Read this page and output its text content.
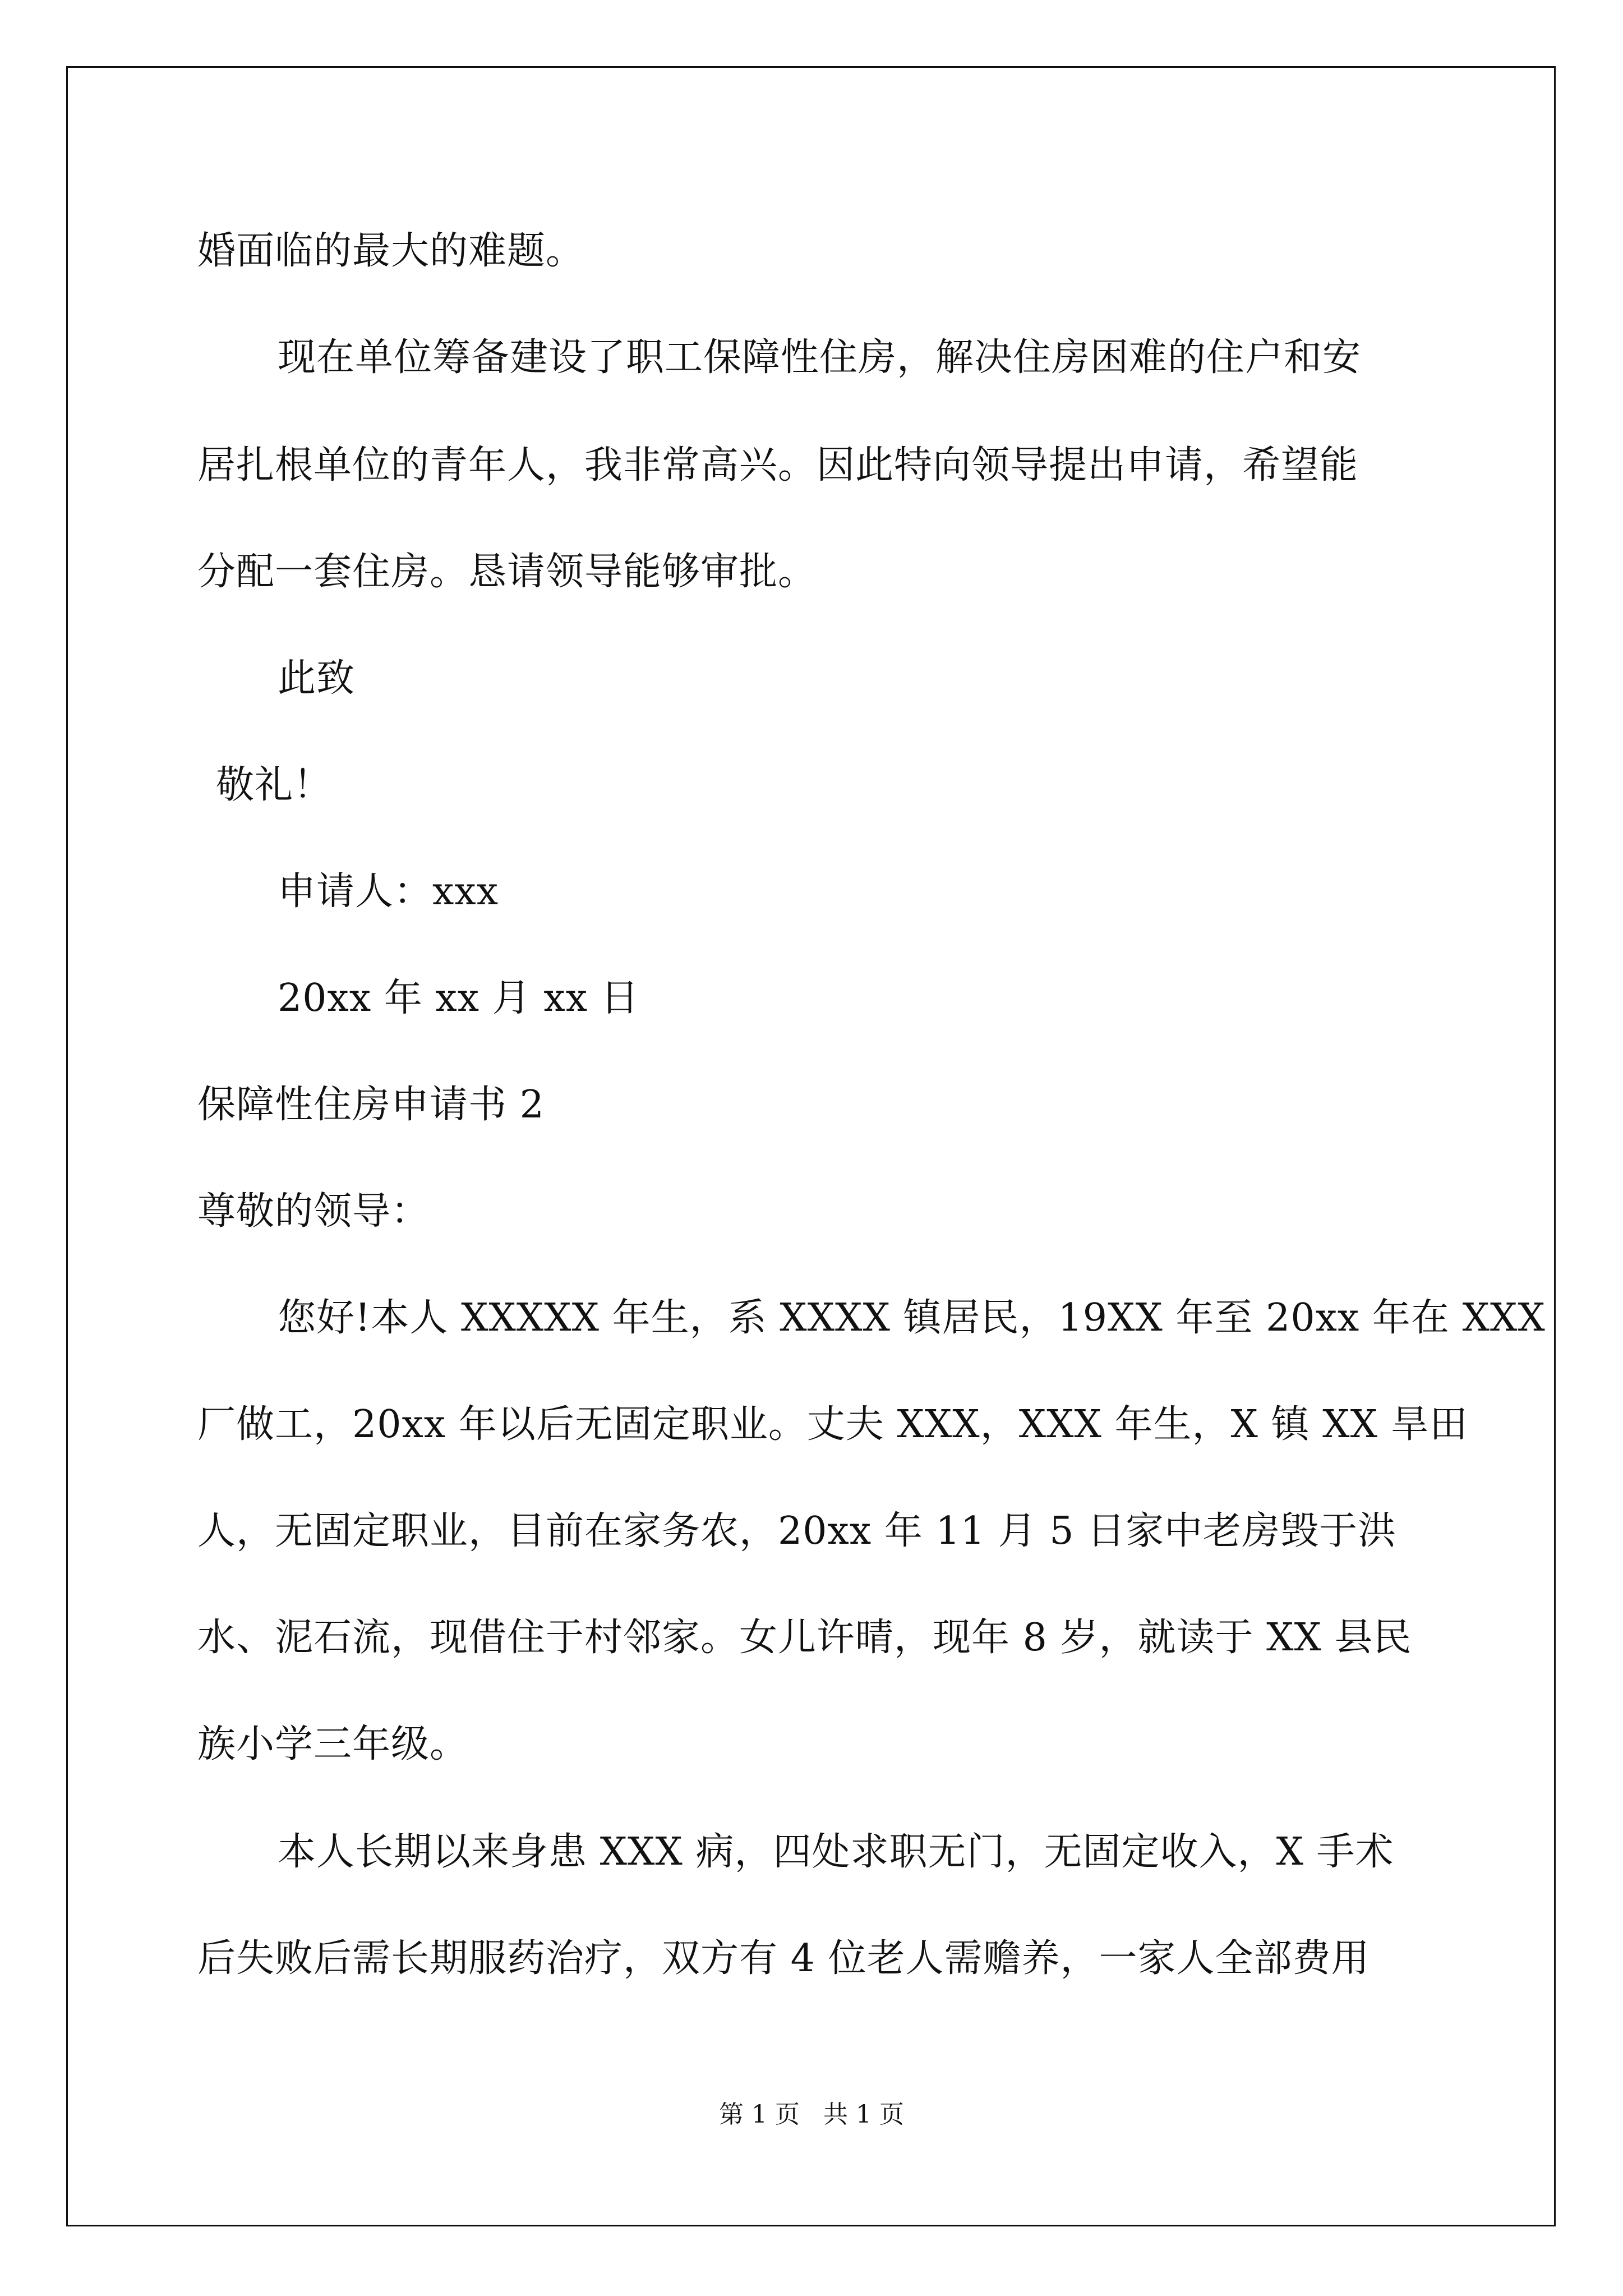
婚面临的最大的难题。
现在单位筹备建设了职工保障性住房，解决住房困难的住户和安
居扎根单位的青年人，我非常高兴。因此特向领导提出申请，希望能
分配一套住房。恳请领导能够审批。
此致
敬礼！
申请人：xxx
20xx 年 xx 月 xx 日
保障性住房申请书 2
尊敬的领导：
您好!本人 XXXXX 年生，系 XXXX 镇居民，19XX 年至 20xx 年在 XXX
厂做工，20xx 年以后无固定职业。丈夫 XXX，XXX 年生，X 镇 XX 旱田
人，无固定职业，目前在家务农，20xx 年 11 月 5 日家中老房毁于洪
水、泥石流，现借住于村邻家。女儿许晴，现年 8 岁，就读于 XX 县民
族小学三年级。
本人长期以来身患 XXX 病，四处求职无门，无固定收入，X 手术
后失败后需长期服药治疗，双方有 4 位老人需赡养，一家人全部费用
第 1 页 共 1 页
